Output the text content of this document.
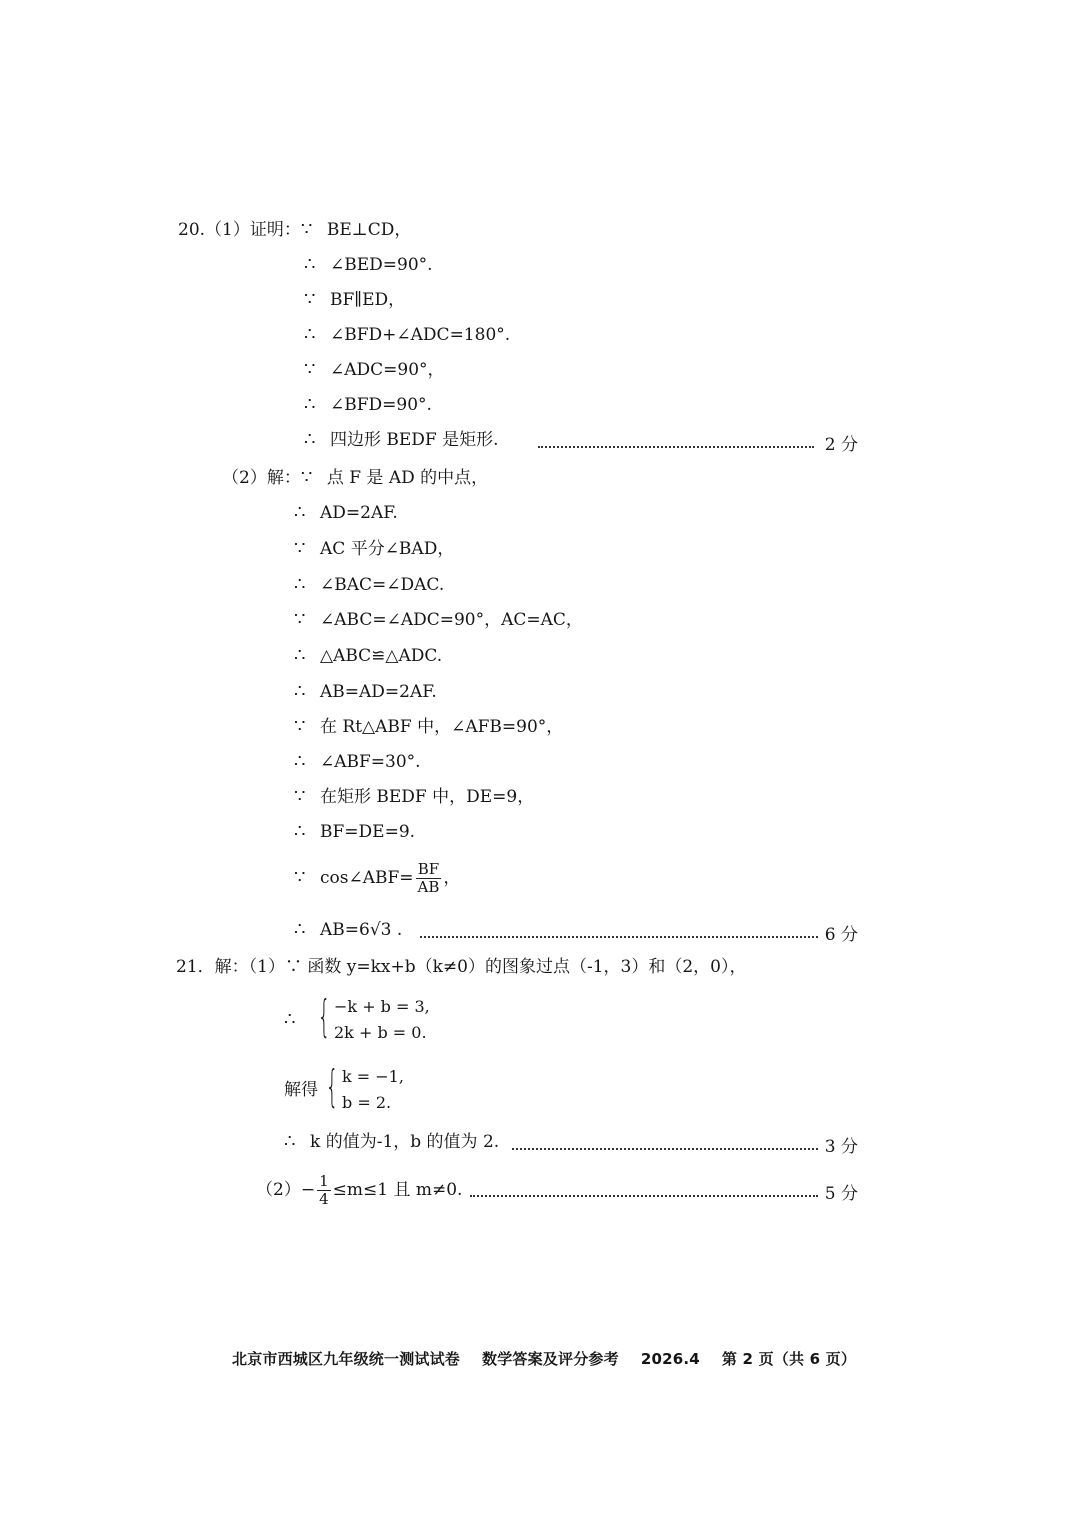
20.（1）证明：∵ BE⊥CD，
∴ ∠BED=90°.
∵ BF∥ED，
∴ ∠BFD+∠ADC=180°.
∵ ∠ADC=90°，
∴ ∠BFD=90°.
∴ 四边形 BEDF 是矩形.	2 分
（2）解：∵ 点 F 是 AD 的中点，
∴ AD=2AF.
∵ AC 平分∠BAD，
∴ ∠BAC=∠DAC.
∵ ∠ABC=∠ADC=90°，AC=AC，
∴ △ABC≌△ADC.
∴ AB=AD=2AF.
∵ 在 Rt△ABF 中，∠AFB=90°，
∴ ∠ABF=30°.
∵ 在矩形 BEDF 中，DE=9，
∴ BF=DE=9.
∵ cos∠ABF= $\frac{BF}{AB}$ ，
∴ AB=6√3 .	6 分
21．解：（1）∵ 函数 y=kx+b（k≠0）的图象过点（-1，3）和（2，0），
∴ { −k + b = 3,
2k + b = 0.
解得 { k = −1,
b = 2.
∴ k 的值为-1，b 的值为 2.	3 分
$(2) - \frac{1}{4} \le m\le 1$ 且 m≠0.	5 分
北京市西城区九年级统一测试试卷 数学答案及评分参考 2026.4 第 2 页（共 6 页）
